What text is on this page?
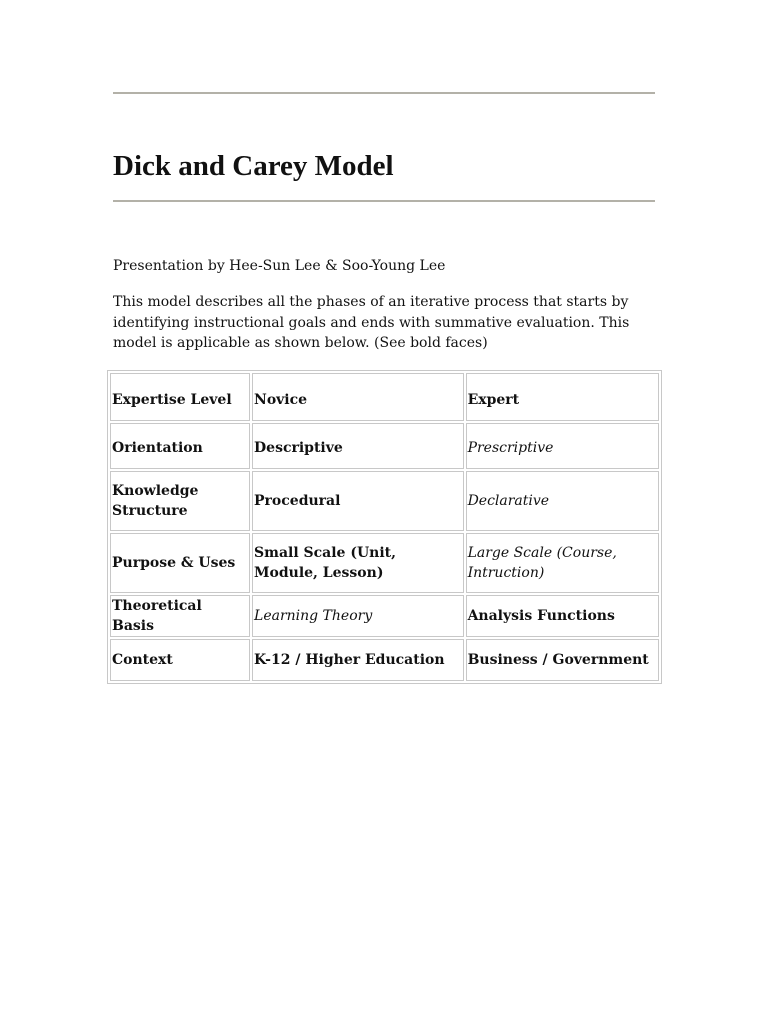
Dick and Carey Model
Presentation by Hee-Sun Lee & Soo-Young Lee
This model describes all the phases of an iterative process that starts by identifying instructional goals and ends with summative evaluation. This model is applicable as shown below. (See bold faces)
Expertise Level	Novice	Expert
Orientation	Descriptive	Prescriptive
Knowledge Structure	Procedural	Declarative
Purpose & Uses	Small Scale (Unit, Module, Lesson)	Large Scale (Course, Intruction)
Theoretical Basis	Learning Theory	Analysis Functions
Context	K-12 / Higher Education	Business / Government
